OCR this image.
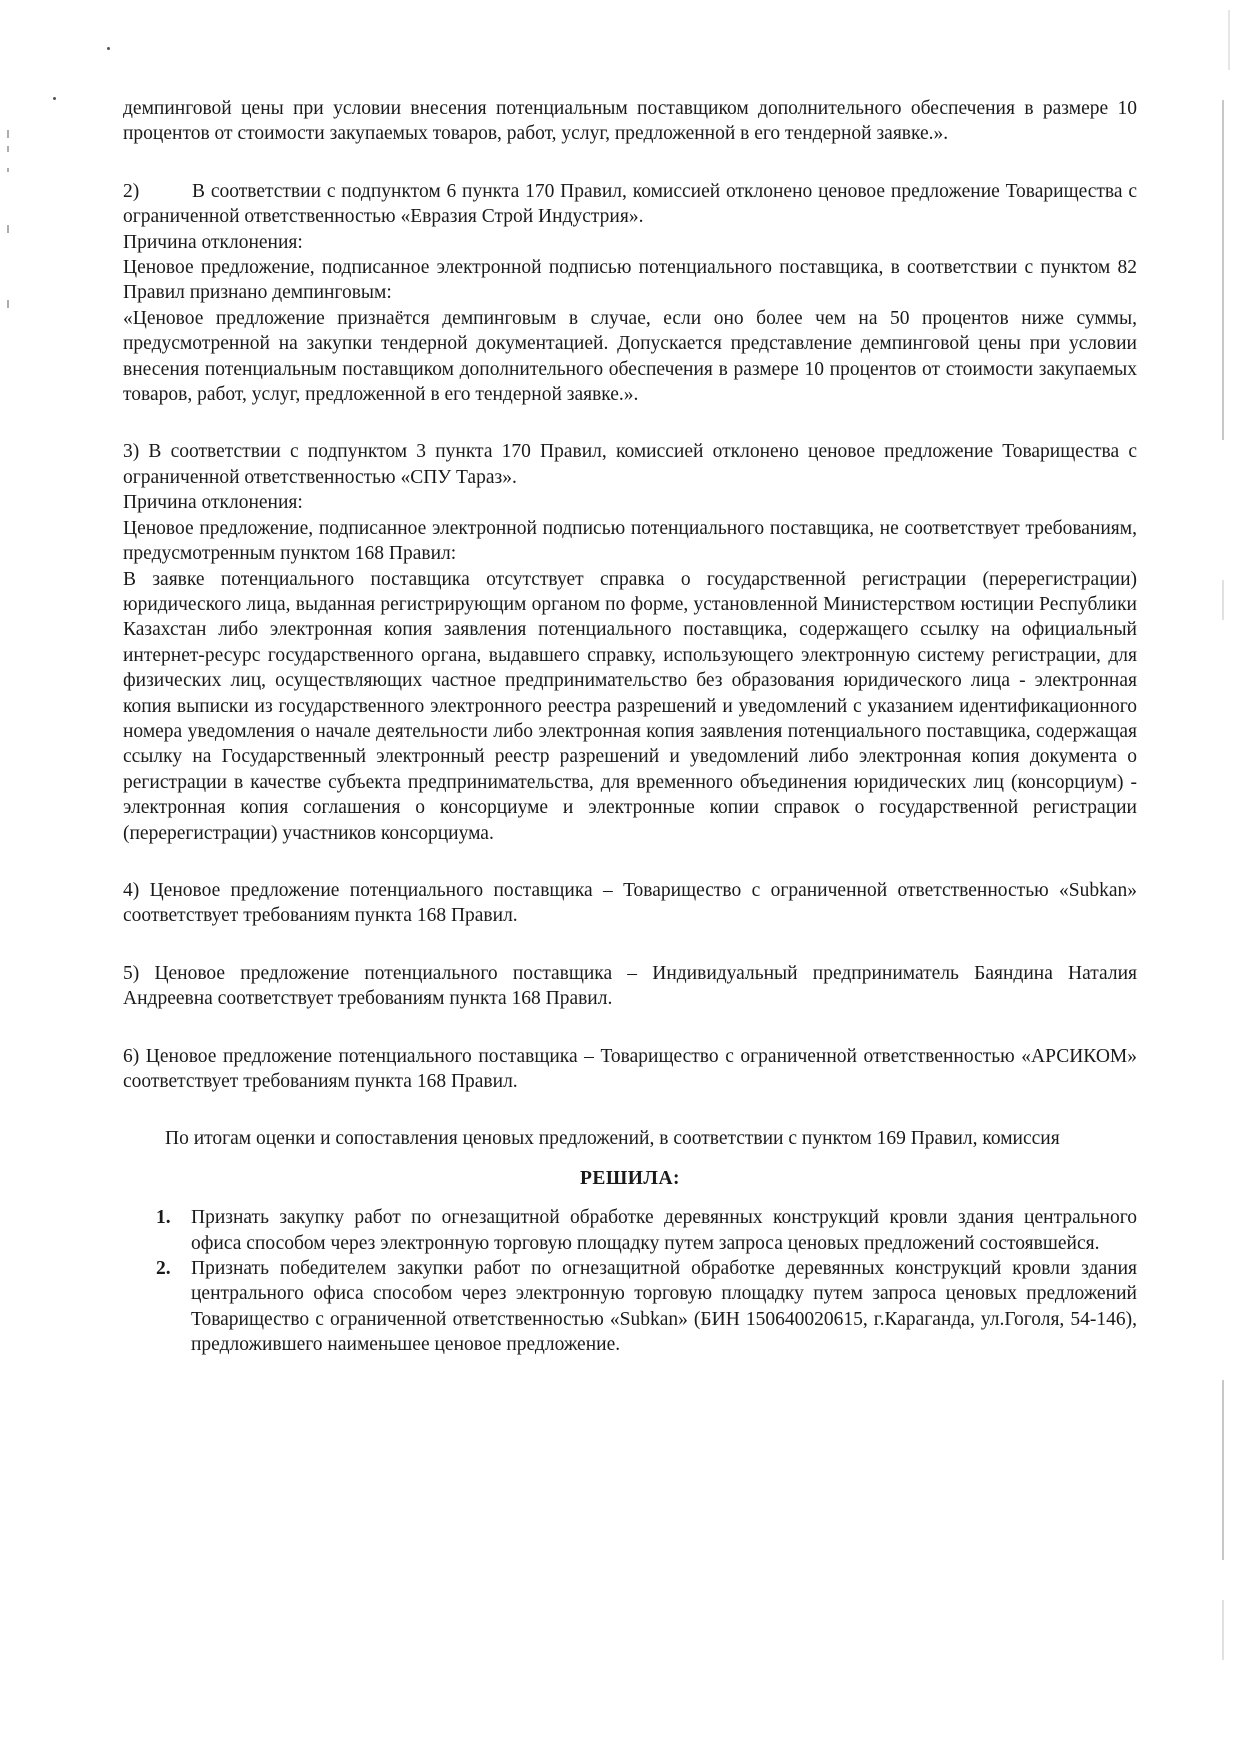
демпинговой цены при условии внесения потенциальным поставщиком дополнительного обеспечения в размере 10 процентов от стоимости закупаемых товаров, работ, услуг, предложенной в его тендерной заявке.».

2)	В соответствии с подпунктом 6 пункта 170 Правил, комиссией отклонено ценовое предложение Товарищества с ограниченной ответственностью «Евразия Строй Индустрия».

Причина отклонения:

Ценовое предложение, подписанное электронной подписью потенциального поставщика, в соответствии с пунктом 82 Правил признано демпинговым:

«Ценовое предложение признаётся демпинговым в случае, если оно более чем на 50 процентов ниже суммы, предусмотренной на закупки тендерной документацией. Допускается представление демпинговой цены при условии внесения потенциальным поставщиком дополнительного обеспечения в размере 10 процентов от стоимости закупаемых товаров, работ, услуг, предложенной в его тендерной заявке.».

3) В соответствии с подпунктом 3 пункта 170 Правил, комиссией отклонено ценовое предложение Товарищества с ограниченной ответственностью «СПУ Тараз».

Причина отклонения:

Ценовое предложение, подписанное электронной подписью потенциального поставщика, не соответствует требованиям, предусмотренным пунктом 168 Правил:

В заявке потенциального поставщика отсутствует справка о государственной регистрации (перерегистрации) юридического лица, выданная регистрирующим органом по форме, установленной Министерством юстиции Республики Казахстан либо электронная копия заявления потенциального поставщика, содержащего ссылку на официальный интернет-ресурс государственного органа, выдавшего справку, использующего электронную систему регистрации, для физических лиц, осуществляющих частное предпринимательство без образования юридического лица - электронная копия выписки из государственного электронного реестра разрешений и уведомлений с указанием идентификационного номера уведомления о начале деятельности либо электронная копия заявления потенциального поставщика, содержащая ссылку на Государственный электронный реестр разрешений и уведомлений либо электронная копия документа о регистрации в качестве субъекта предпринимательства, для временного объединения юридических лиц (консорциум) - электронная копия соглашения о консорциуме и электронные копии справок о государственной регистрации (перерегистрации) участников консорциума.

4) Ценовое предложение потенциального поставщика – Товарищество с ограниченной ответственностью «Subkan» соответствует требованиям пункта 168 Правил.

5) Ценовое предложение потенциального поставщика – Индивидуальный предприниматель Баяндина Наталия Андреевна соответствует требованиям пункта 168 Правил.

6) Ценовое предложение потенциального поставщика – Товарищество с ограниченной ответственностью «АРСИКОМ» соответствует требованиям пункта 168 Правил.

По итогам оценки и сопоставления ценовых предложений, в соответствии с пунктом 169 Правил, комиссия

РЕШИЛА:

1. Признать закупку работ по огнезащитной обработке деревянных конструкций кровли здания центрального офиса способом через электронную торговую площадку путем запроса ценовых предложений состоявшейся.
2. Признать победителем закупки работ по огнезащитной обработке деревянных конструкций кровли здания центрального офиса способом через электронную торговую площадку путем запроса ценовых предложений Товарищество с ограниченной ответственностью «Subkan» (БИН 150640020615, г.Караганда, ул.Гоголя, 54-146), предложившего наименьшее ценовое предложение.
